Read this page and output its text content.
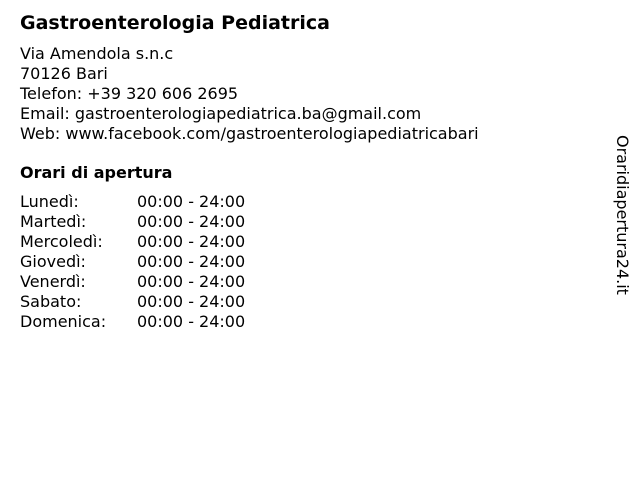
Gastroenterologia Pediatrica
Via Amendola s.n.c
70126 Bari
Telefon: +39 320 606 2695
Email: gastroenterologiapediatrica.ba@gmail.com
Web: www.facebook.com/gastroenterologiapediatricabari
Orari di apertura
Lunedì:	00:00 - 24:00
Martedì:	00:00 - 24:00
Mercoledì:	00:00 - 24:00
Giovedì:	00:00 - 24:00
Venerdì:	00:00 - 24:00
Sabato:	00:00 - 24:00
Domenica:	00:00 - 24:00
Oraridiapertura24.it
